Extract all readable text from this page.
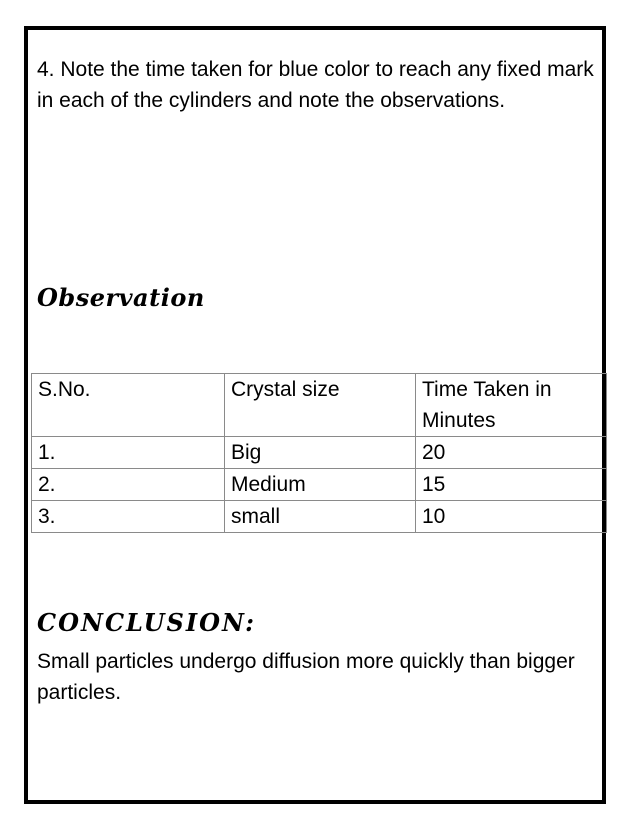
4. Note the time taken for blue color to reach any fixed mark in each of the cylinders and note the observations.

Observation
S.No.	Crystal size	Time Taken in Minutes
1.	Big	20
2.	Medium	15
3.	small	10
CONCLUSION:

Small particles undergo diffusion more quickly than bigger particles.
